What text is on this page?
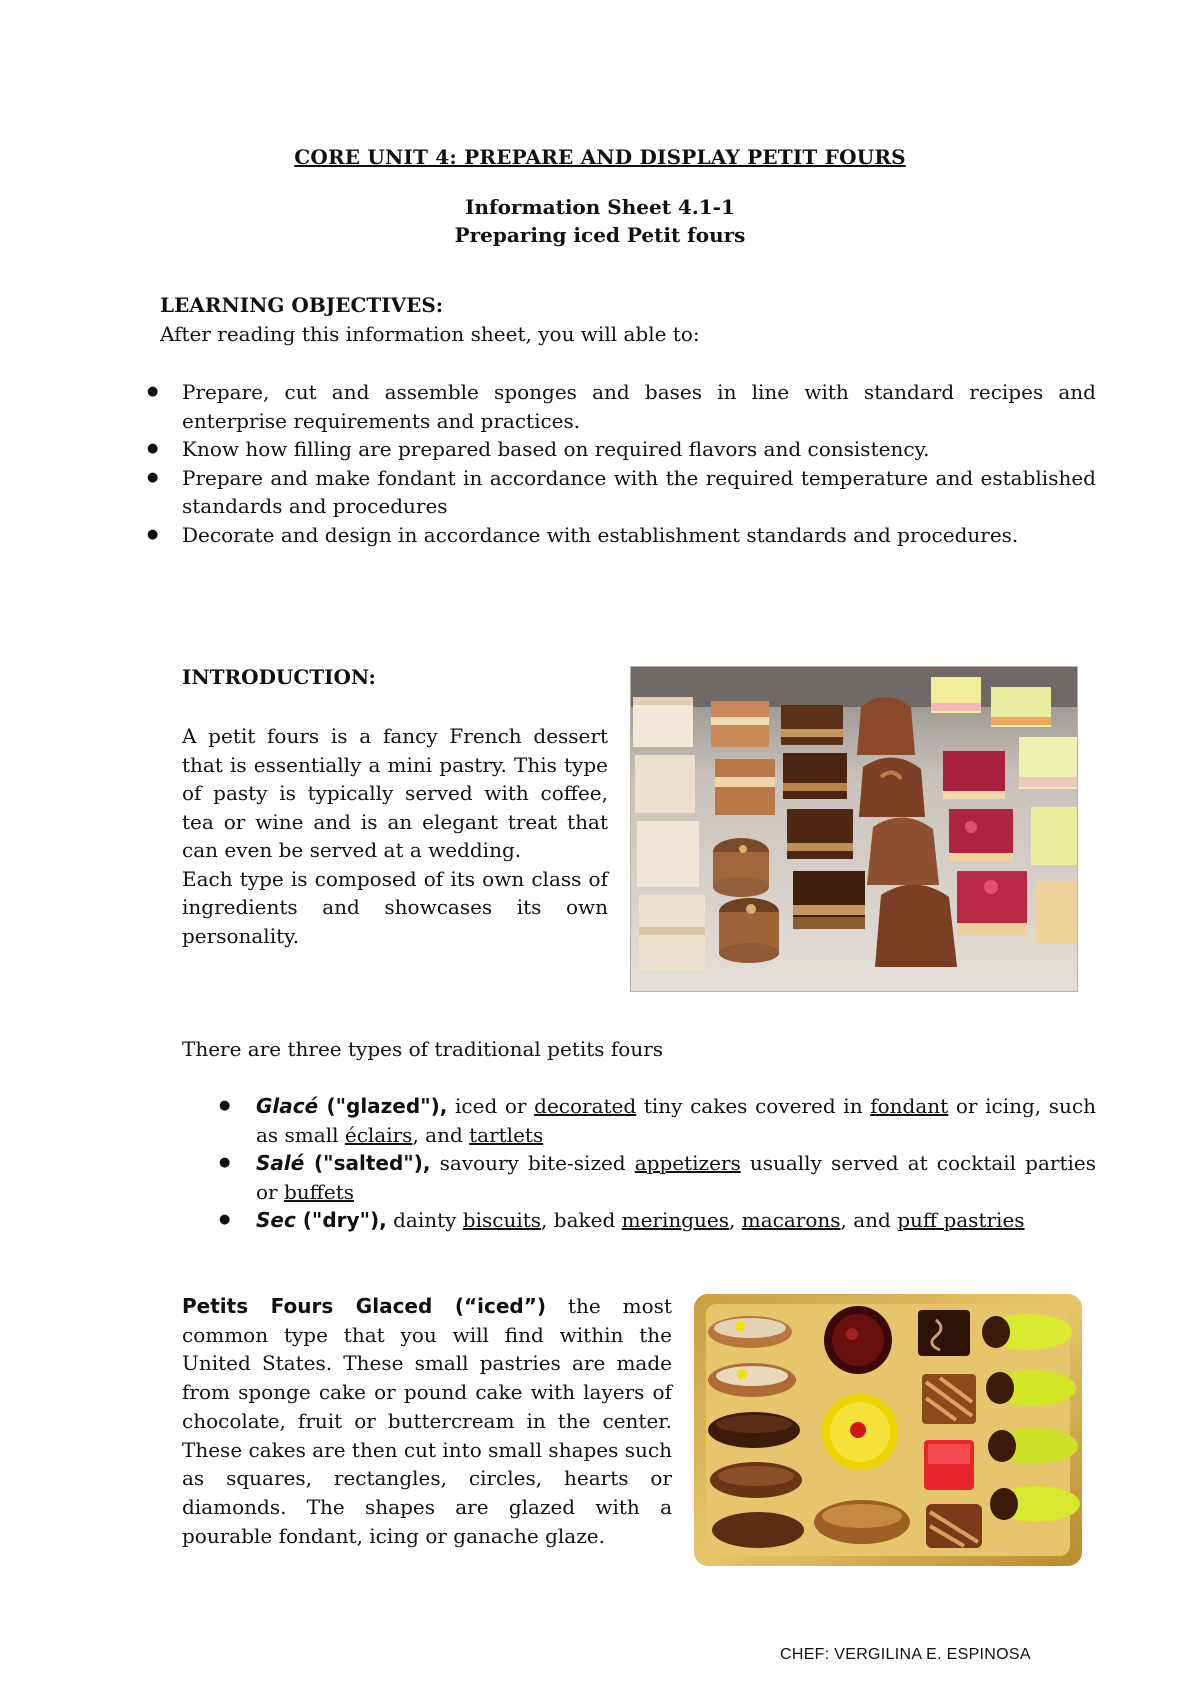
CORE UNIT 4: PREPARE AND DISPLAY PETIT FOURS
Information Sheet 4.1-1
Preparing iced Petit fours
LEARNING OBJECTIVES:
After reading this information sheet, you will able to:
● Prepare, cut and assemble sponges and bases in line with standard recipes and enterprise requirements and practices.
● Know how filling are prepared based on required flavors and consistency.
● Prepare and make fondant in accordance with the required temperature and established standards and procedures
● Decorate and design in accordance with establishment standards and procedures.
INTRODUCTION:

A petit fours is a fancy French dessert that is essentially a mini pastry. This type of pasty is typically served with coffee, tea or wine and is an elegant treat that can even be served at a wedding.

Each type is composed of its own class of ingredients and showcases its own personality.

There are three types of traditional petits fours
● Glacé ("glazed"), iced or decorated tiny cakes covered in fondant or icing, such as small éclairs, and tartlets
● Salé ("salted"), savoury bite-sized appetizers usually served at cocktail parties or buffets
● Sec ("dry"), dainty biscuits, baked meringues, macarons, and puff pastries
Petits Fours Glaced (“iced”) the most common type that you will find within the United States. These small pastries are made from sponge cake or pound cake with layers of chocolate, fruit or buttercream in the center. These cakes are then cut into small shapes such as squares, rectangles, circles, hearts or diamonds. The shapes are glazed with a pourable fondant, icing or ganache glaze.
CHEF: VERGILINA E. ESPINOSA
